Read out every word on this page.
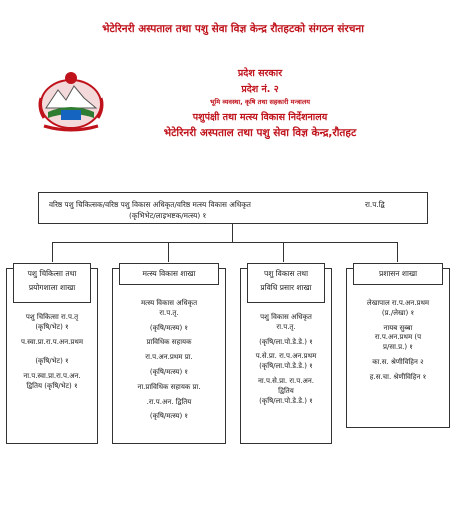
भेटेरिनरी अस्पताल तथा पशु सेवा विज्ञ केन्द्र रौतहटको संगठन संरचना
प्रदेश सरकार
प्रदेश नं. २
भूमि व्यवस्था, कृषि तथा सहकारी मन्त्रालय
पशुपंक्षी तथा मत्स्य विकास निर्देशनालय
भेटेरिनरी अस्पताल तथा पशु सेवा विज्ञ केन्द्र,रौतहट
वरिष्ठ पशु चिकित्सक/वरिष्ठ पशु विकास अधिकृत/वरिष्ठ मत्स्य विकास अधिकृत	रा.प.द्वि
(कृभिभेट/लाइभष्टक/मत्स्य) १
पशु चिकित्सा तथा
प्रयोगशाला शाखा
पशु चिकित्सा रा.प.तृ
(कृषि/भेट) १
प.स्वा.प्रा.रा.प.अन.प्रथम

(कृषि/भेट) १
ना.प.स्वा.प्रा.रा.प.अन.
द्वितिय (कृषि/भेट) १
मत्स्य विकास शाखा
मत्स्य विकास अधिकृत
रा.प.तृ.
(कृषि/मत्स्य) १
प्राविधिक सहायक
रा.प.अन.प्रथम प्रा.
(कृषि/मत्स्य) १
ना.प्राविधिक सहायक प्रा.
.रा.प.अन. द्वितिय
(कृषि/मत्स्य) १
पशु विकास तथा
प्रविधि प्रसार शाखा
पशु विकास अधिकृत
रा.प.तृ.
(कृषि/ला.पो.डे.डे.) १
प.से.प्रा. रा.प.अन.प्रथम
(कृषि/ला.पो.डे.डे.) १
ना.प.से.प्रा. रा.प.अन.
द्वितिय
(कृषि/ला.पो.डे.डे.) १
प्रशासन शाखा
लेखापाल रा.प.अन.प्रथम
(प्र./लेखा) १
नायब सुब्बा
रा.प.अन.प्रथम (प
प्र/सा.प्र.) १
का.स. श्रेणीविहिन २
ह.स.चा. श्रेणीविहिन १
